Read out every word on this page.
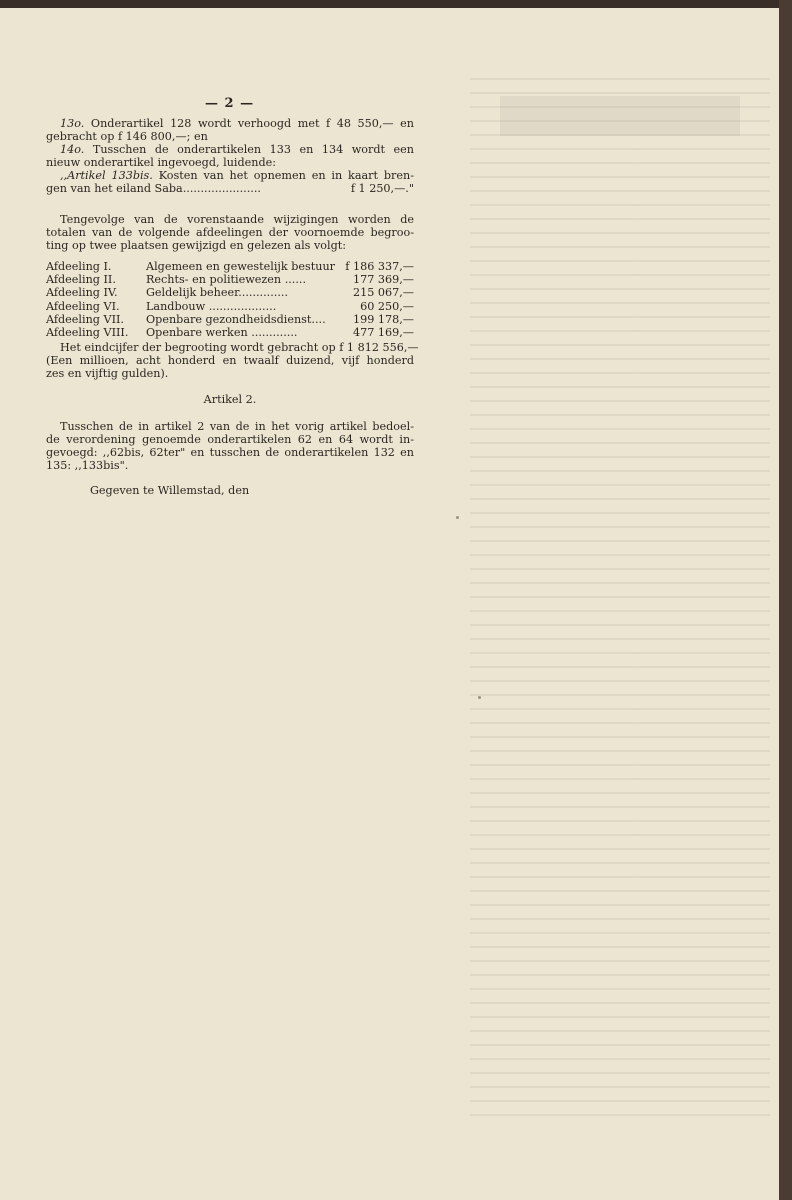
— 2 —
13o. Onderartikel 128 wordt verhoogd met f 48 550,— en
gebracht op f 146 800,—; en
14o. Tusschen de onderartikelen 133 en 134 wordt een
nieuw onderartikel ingevoegd, luidende:
,,Artikel 133bis. Kosten van het opnemen en in kaart bren-
gen van het eiland Saba......................	f 1 250,—."
Tengevolge van de vorenstaande wijzigingen worden de
totalen van de volgende afdeelingen der voornoemde begroo-
ting op twee plaatsen gewijzigd en gelezen als volgt:
Afdeeling I.	Algemeen en gewestelijk bestuur f 186 337,—
Afdeeling II.	Rechts- en politiewezen ......	177 369,—
Afdeeling IV.	Geldelijk beheer..............	215 067,—
Afdeeling VI. Landbouw ...................	60 250,—
Afdeeling VII. Openbare gezondheidsdienst.... 199 178,—
Afdeeling VIII. Openbare werken .............	477 169,—
Het eindcijfer der begrooting wordt gebracht op f 1 812 556,—
(Een millioen, acht honderd en twaalf duizend, vijf honderd
zes en vijftig gulden).
Artikel 2.
Tusschen de in artikel 2 van de in het vorig artikel bedoel-
de verordening genoemde onderartikelen 62 en 64 wordt in-
gevoegd: ,,62bis, 62ter" en tusschen de onderartikelen 132 en
135: ,,133bis".
Gegeven te Willemstad, den
